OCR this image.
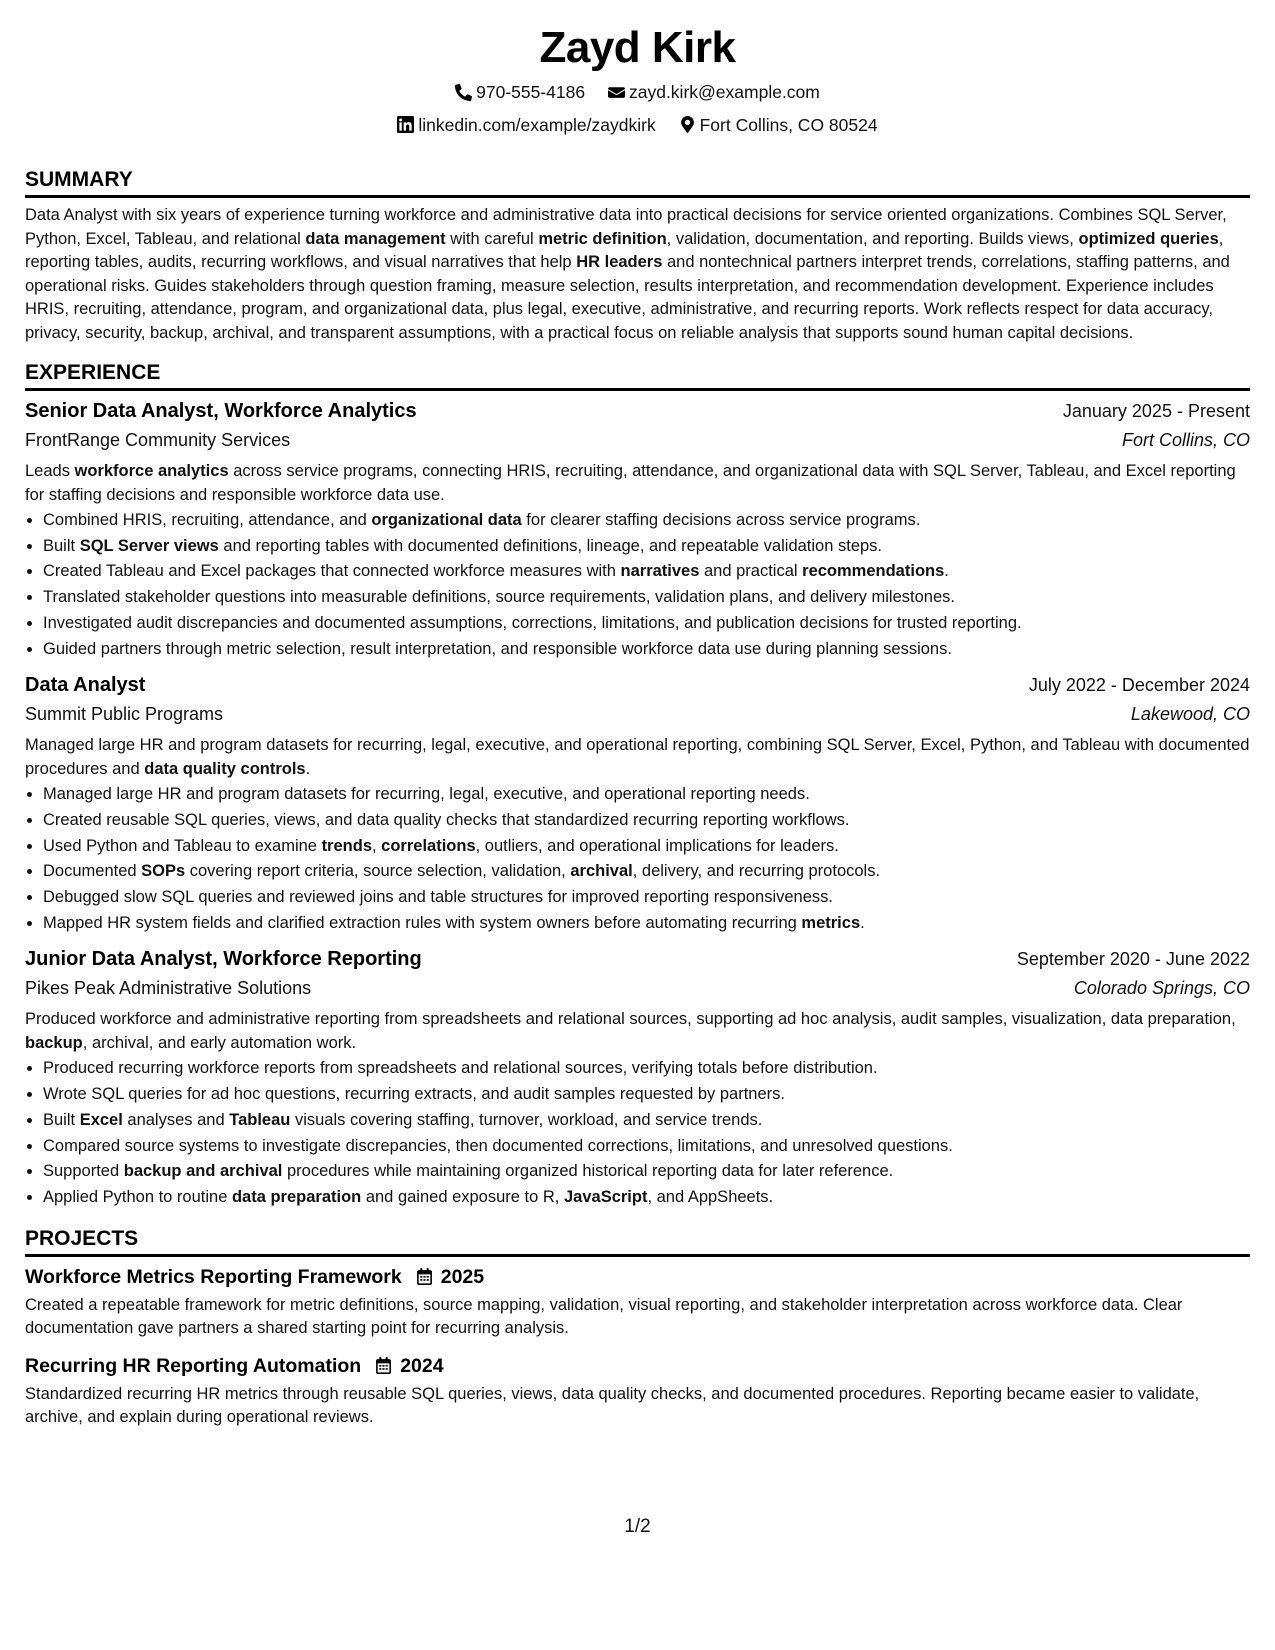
Zayd Kirk
970-555-4186
	zayd.kirk@example.com
linkedin.com/example/zaydkirk
	Fort Collins, CO 80524
SUMMARY

Data Analyst with six years of experience turning workforce and administrative data into practical decisions for service oriented organizations. Combines SQL Server, Python, Excel, Tableau, and relational data management with careful metric definition, validation, documentation, and reporting. Builds views, optimized queries, reporting tables, audits, recurring workflows, and visual narratives that help HR leaders and nontechnical partners interpret trends, correlations, staffing patterns, and operational risks. Guides stakeholders through question framing, measure selection, results interpretation, and recommendation development. Experience includes HRIS, recruiting, attendance, program, and organizational data, plus legal, executive, administrative, and recurring reports. Work reflects respect for data accuracy, privacy, security, backup, archival, and transparent assumptions, with a practical focus on reliable analysis that supports sound human capital decisions.

EXPERIENCE
Senior Data Analyst, Workforce Analytics	January 2025 - Present
FrontRange Community Services	Fort Collins, CO
Leads workforce analytics across service programs, connecting HRIS, recruiting, attendance, and organizational data with SQL Server, Tableau, and Excel reporting for staffing decisions and responsible workforce data use.
• Combined HRIS, recruiting, attendance, and organizational data for clearer staffing decisions across service programs.
• Built SQL Server views and reporting tables with documented definitions, lineage, and repeatable validation steps.
• Created Tableau and Excel packages that connected workforce measures with narratives and practical recommendations.
• Translated stakeholder questions into measurable definitions, source requirements, validation plans, and delivery milestones.
• Investigated audit discrepancies and documented assumptions, corrections, limitations, and publication decisions for trusted reporting.
• Guided partners through metric selection, result interpretation, and responsible workforce data use during planning sessions.
Data Analyst	July 2022 - December 2024
Summit Public Programs	Lakewood, CO
Managed large HR and program datasets for recurring, legal, executive, and operational reporting, combining SQL Server, Excel, Python, and Tableau with documented procedures and data quality controls.
• Managed large HR and program datasets for recurring, legal, executive, and operational reporting needs.
• Created reusable SQL queries, views, and data quality checks that standardized recurring reporting workflows.
• Used Python and Tableau to examine trends, correlations, outliers, and operational implications for leaders.
• Documented SOPs covering report criteria, source selection, validation, archival, delivery, and recurring protocols.
• Debugged slow SQL queries and reviewed joins and table structures for improved reporting responsiveness.
• Mapped HR system fields and clarified extraction rules with system owners before automating recurring metrics.
Junior Data Analyst, Workforce Reporting	September 2020 - June 2022
Pikes Peak Administrative Solutions	Colorado Springs, CO
Produced workforce and administrative reporting from spreadsheets and relational sources, supporting ad hoc analysis, audit samples, visualization, data preparation, backup, archival, and early automation work.
• Produced recurring workforce reports from spreadsheets and relational sources, verifying totals before distribution.
• Wrote SQL queries for ad hoc questions, recurring extracts, and audit samples requested by partners.
• Built Excel analyses and Tableau visuals covering staffing, turnover, workload, and service trends.
• Compared source systems to investigate discrepancies, then documented corrections, limitations, and unresolved questions.
• Supported backup and archival procedures while maintaining organized historical reporting data for later reference.
• Applied Python to routine data preparation and gained exposure to R, JavaScript, and AppSheets.
PROJECTS
Workforce Metrics Reporting Framework 2025
Created a repeatable framework for metric definitions, source mapping, validation, visual reporting, and stakeholder interpretation across workforce data. Clear documentation gave partners a shared starting point for recurring analysis.
Recurring HR Reporting Automation 2024
Standardized recurring HR metrics through reusable SQL queries, views, data quality checks, and documented procedures. Reporting became easier to validate, archive, and explain during operational reviews.
1/2
